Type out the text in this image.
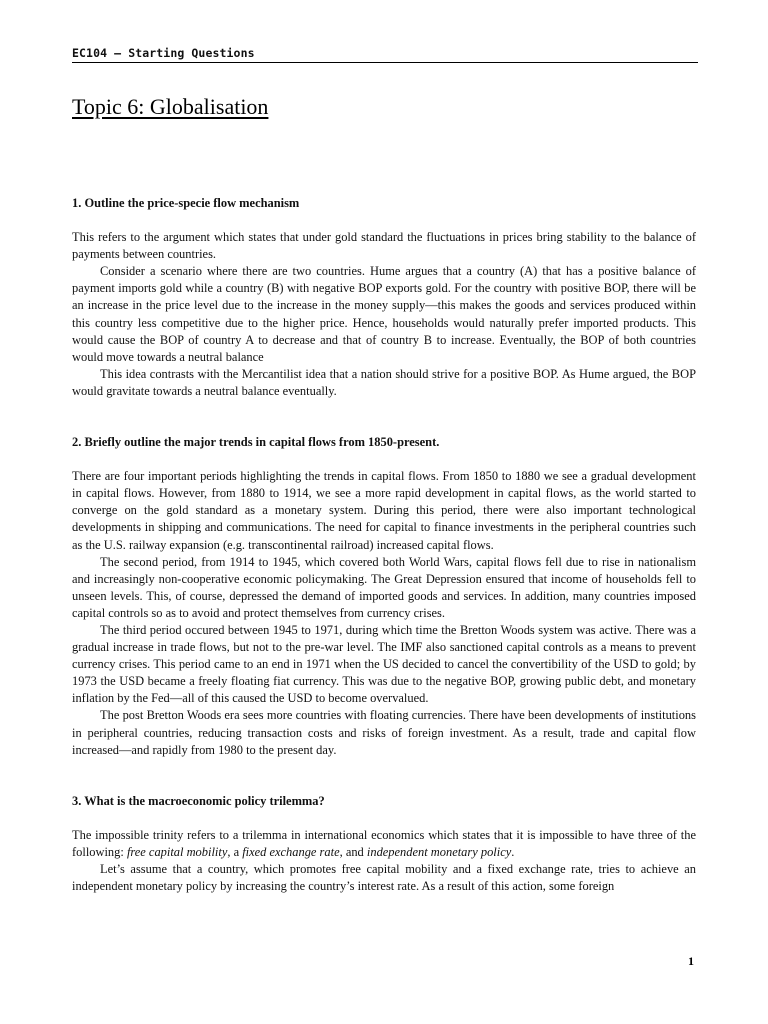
EC104 – Starting Questions
Topic 6: Globalisation

1. Outline the price-specie flow mechanism

This refers to the argument which states that under gold standard the fluctuations in prices bring stability to the balance of payments between countries.

Consider a scenario where there are two countries. Hume argues that a country (A) that has a positive balance of payment imports gold while a country (B) with negative BOP exports gold. For the country with positive BOP, there will be an increase in the price level due to the increase in the money supply—this makes the goods and services produced within this country less competitive due to the higher price. Hence, households would naturally prefer imported products. This would cause the BOP of country A to decrease and that of country B to increase. Eventually, the BOP of both countries would move towards a neutral balance

This idea contrasts with the Mercantilist idea that a nation should strive for a positive BOP. As Hume argued, the BOP would gravitate towards a neutral balance eventually.

2. Briefly outline the major trends in capital flows from 1850-present.

There are four important periods highlighting the trends in capital flows. From 1850 to 1880 we see a gradual development in capital flows. However, from 1880 to 1914, we see a more rapid development in capital flows, as the world started to converge on the gold standard as a monetary system. During this period, there were also important technological developments in shipping and communications. The need for capital to finance investments in the peripheral countries such as the U.S. railway expansion (e.g. transcontinental railroad) increased capital flows.

The second period, from 1914 to 1945, which covered both World Wars, capital flows fell due to rise in nationalism and increasingly non-cooperative economic policymaking. The Great Depression ensured that income of households fell to unseen levels. This, of course, depressed the demand of imported goods and services. In addition, many countries imposed capital controls so as to avoid and protect themselves from currency crises.

The third period occured between 1945 to 1971, during which time the Bretton Woods system was active. There was a gradual increase in trade flows, but not to the pre-war level. The IMF also sanctioned capital controls as a means to prevent currency crises. This period came to an end in 1971 when the US decided to cancel the convertibility of the USD to gold; by 1973 the USD became a freely floating fiat currency. This was due to the negative BOP, growing public debt, and monetary inflation by the Fed—all of this caused the USD to become overvalued.

The post Bretton Woods era sees more countries with floating currencies. There have been developments of institutions in peripheral countries, reducing transaction costs and risks of foreign investment. As a result, trade and capital flow increased—and rapidly from 1980 to the present day.

3. What is the macroeconomic policy trilemma?

The impossible trinity refers to a trilemma in international economics which states that it is impossible to have three of the following: free capital mobility, a fixed exchange rate, and independent monetary policy.

Let’s assume that a country, which promotes free capital mobility and a fixed exchange rate, tries to achieve an independent monetary policy by increasing the country’s interest rate. As a result of this action, some foreign

1
